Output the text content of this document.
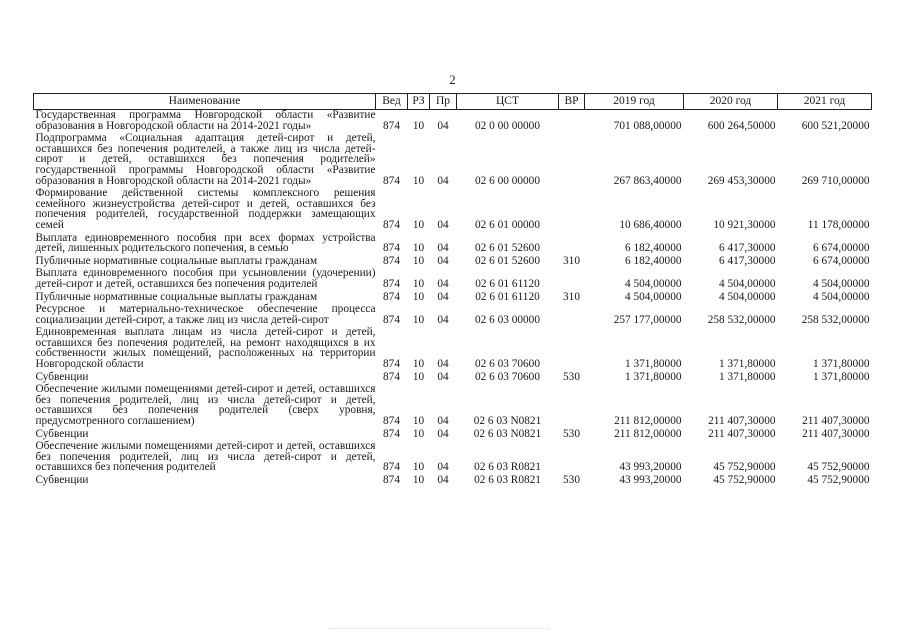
2
Наименование	Вед	РЗ	Пр	ЦСТ	ВР	2019 год	2020 год	2021 год
Государственная программа Новгородской области «Развитие образования в Новгородской области на 2014-2021 годы»	874	10	04	02 0 00 00000		701 088,00000	600 264,50000	600 521,20000
Подпрограмма «Социальная адаптация детей-сирот и детей, оставшихся без попечения родителей, а также лиц из числа детей-сирот и детей, оставшихся без попечения родителей» государственной программы Новгородской области «Развитие образования в Новгородской области на 2014-2021 годы»	874	10	04	02 6 00 00000		267 863,40000	269 453,30000	269 710,00000
Формирование действенной системы комплексного решения семейного жизнеустройства детей-сирот и детей, оставшихся без попечения родителей, государственной поддержки замещающих семей	874	10	04	02 6 01 00000		10 686,40000	10 921,30000	11 178,00000
Выплата единовременного пособия при всех формах устройства детей, лишенных родительского попечения, в семью	874	10	04	02 6 01 52600		6 182,40000	6 417,30000	6 674,00000
Публичные нормативные социальные выплаты гражданам	874	10	04	02 6 01 52600	310	6 182,40000	6 417,30000	6 674,00000
Выплата единовременного пособия при усыновлении (удочерении) детей-сирот и детей, оставшихся без попечения родителей	874	10	04	02 6 01 61120		4 504,00000	4 504,00000	4 504,00000
Публичные нормативные социальные выплаты гражданам	874	10	04	02 6 01 61120	310	4 504,00000	4 504,00000	4 504,00000
Ресурсное и материально-техническое обеспечение процесса социализации детей-сирот, а также лиц из числа детей-сирот	874	10	04	02 6 03 00000		257 177,00000	258 532,00000	258 532,00000
Единовременная выплата лицам из числа детей-сирот и детей, оставшихся без попечения родителей, на ремонт находящихся в их собственности жилых помещений, расположенных на территории Новгородской области	874	10	04	02 6 03 70600		1 371,80000	1 371,80000	1 371,80000
Субвенции	874	10	04	02 6 03 70600	530	1 371,80000	1 371,80000	1 371,80000
Обеспечение жилыми помещениями детей-сирот и детей, оставшихся без попечения родителей, лиц из числа детей-сирот и детей, оставшихся без попечения родителей (сверх уровня, предусмотренного соглашением)	874	10	04	02 6 03 N0821		211 812,00000	211 407,30000	211 407,30000
Субвенции	874	10	04	02 6 03 N0821	530	211 812,00000	211 407,30000	211 407,30000
Обеспечение жилыми помещениями детей-сирот и детей, оставшихся без попечения родителей, лиц из числа детей-сирот и детей, оставшихся без попечения родителей	874	10	04	02 6 03 R0821		43 993,20000	45 752,90000	45 752,90000
Субвенции	874	10	04	02 6 03 R0821	530	43 993,20000	45 752,90000	45 752,90000
